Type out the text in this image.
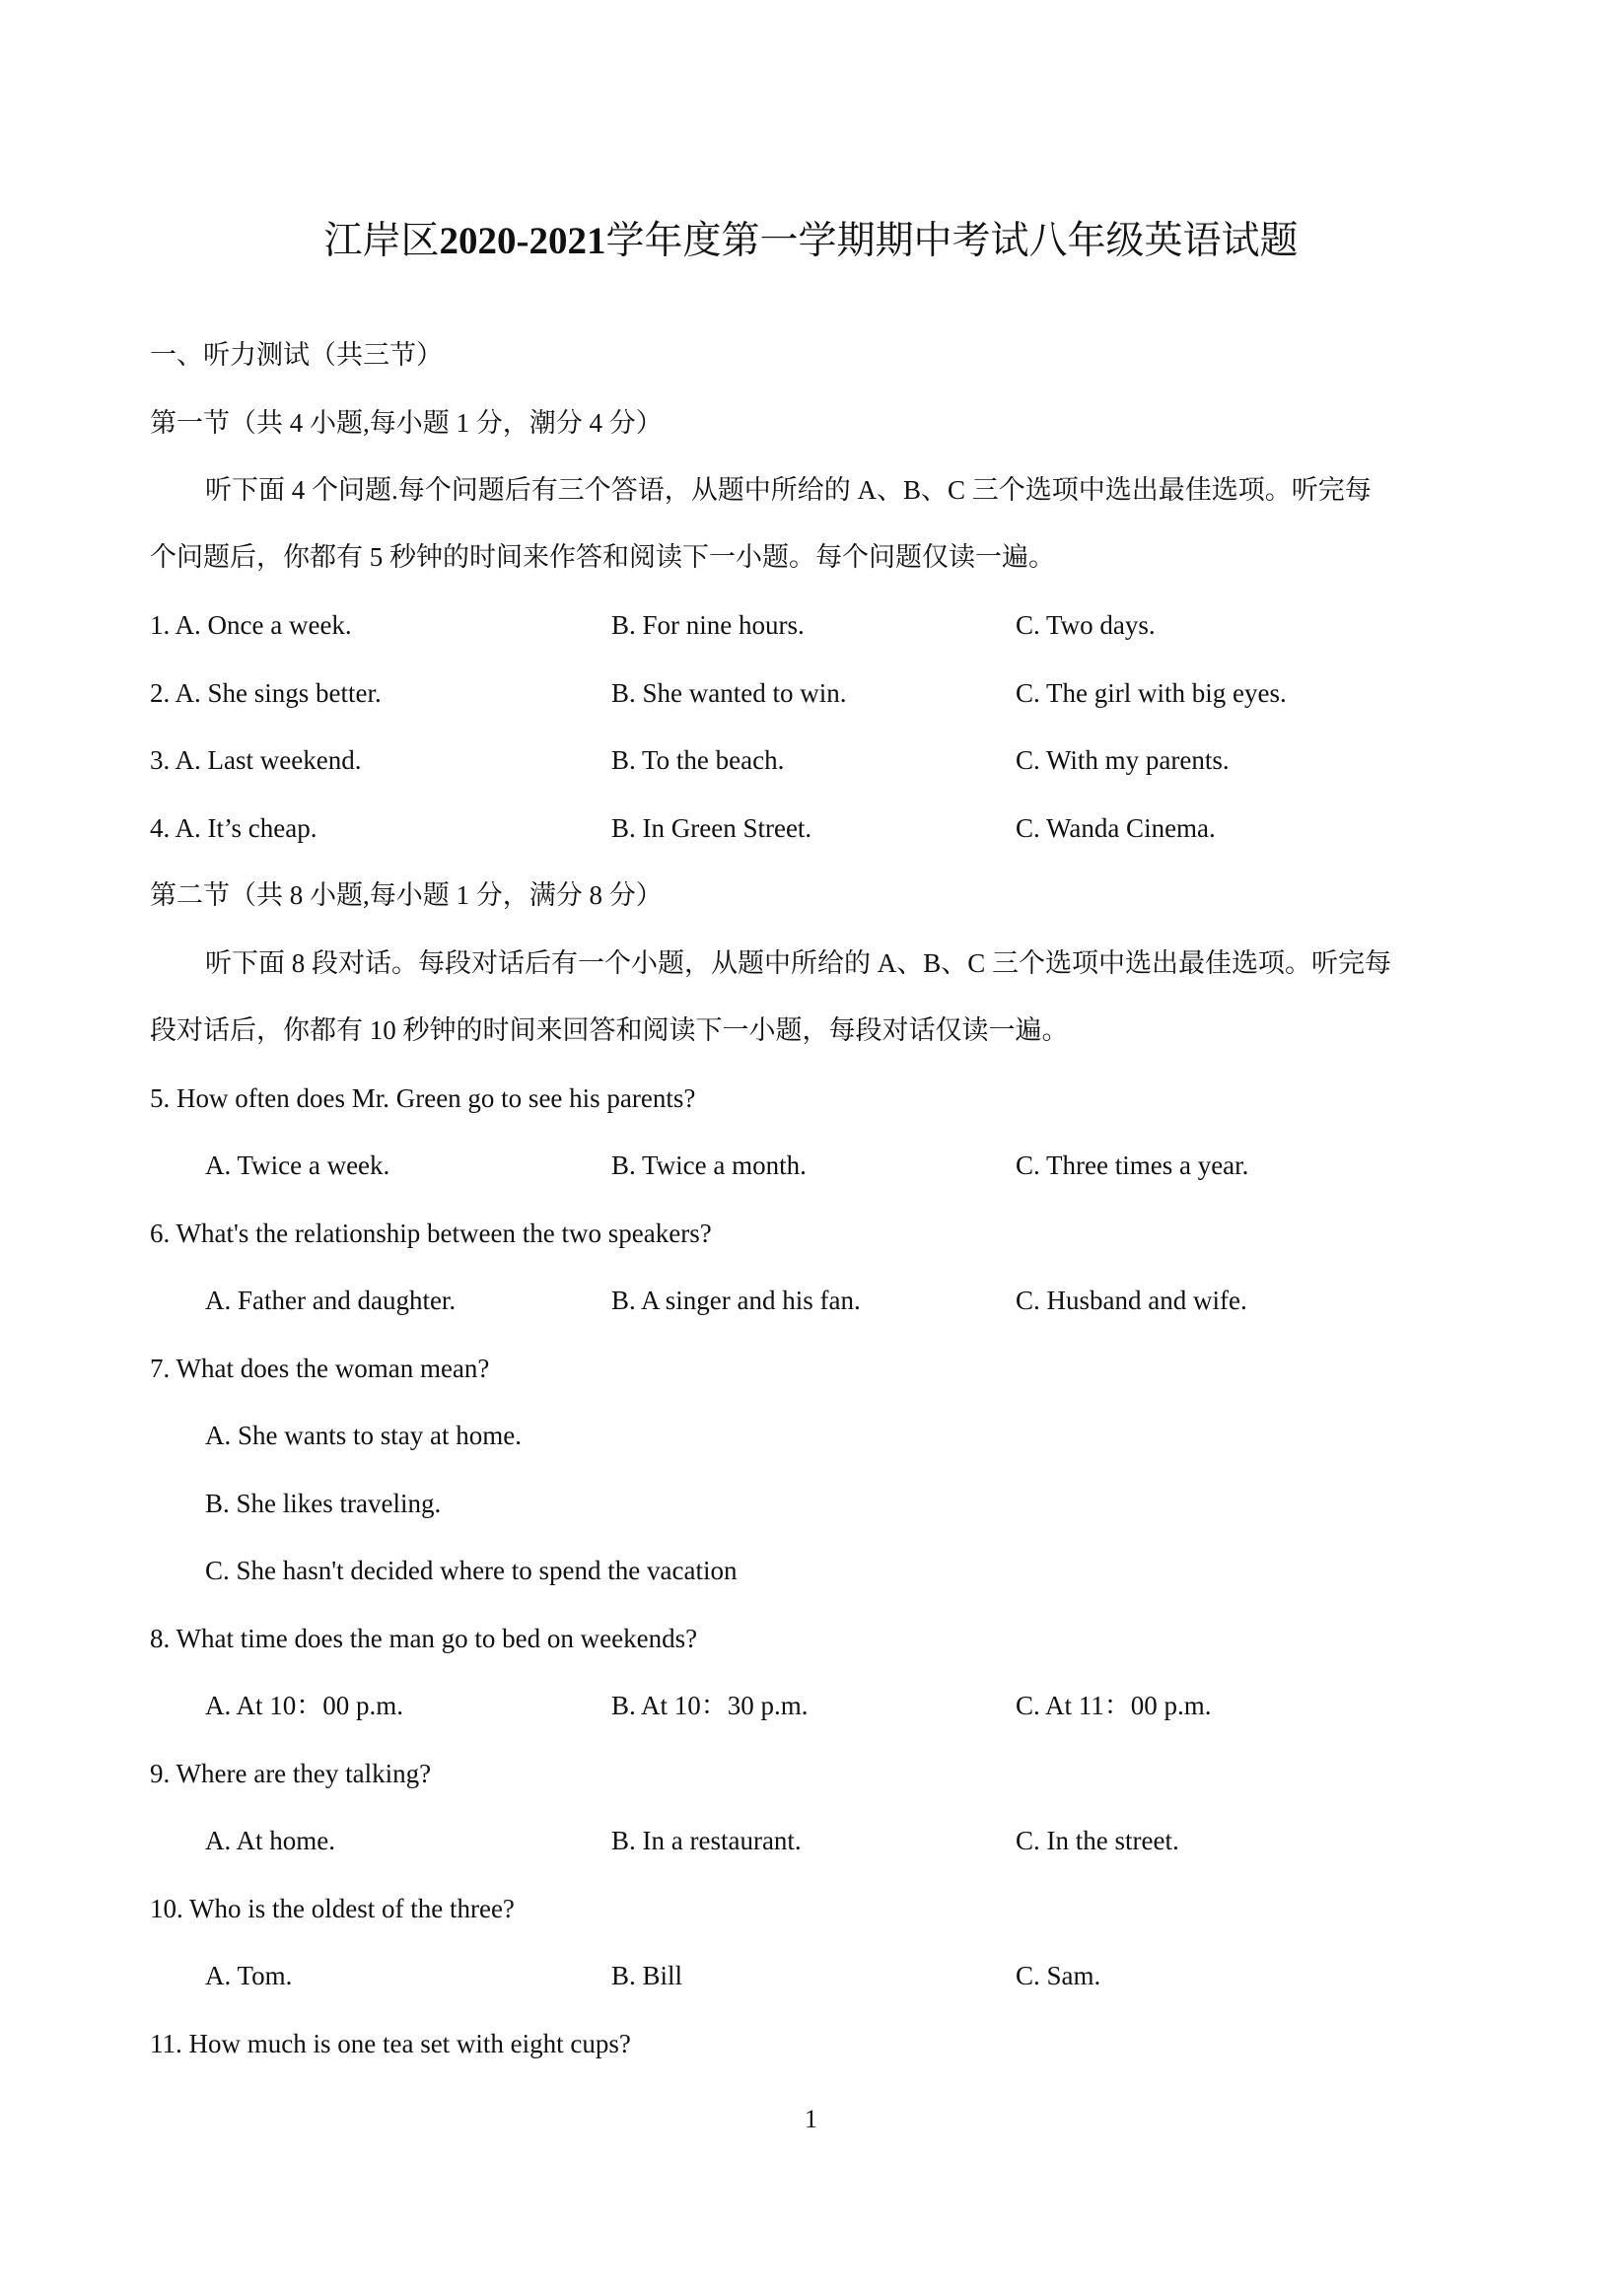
江岸区2020-2021学年度第一学期期中考试八年级英语试题
一、听力测试（共三节）
第一节（共 4 小题,每小题 1 分，潮分 4 分）
听下面 4 个问题.每个问题后有三个答语，从题中所给的 A、B、C 三个选项中选出最佳选项。听完每
个问题后，你都有 5 秒钟的时间来作答和阅读下一小题。每个问题仅读一遍。
1. A. Once a week.	B. For nine hours.	C. Two days.
2. A. She sings better.	B. She wanted to win.	C. The girl with big eyes.
3. A. Last weekend.	B. To the beach.	C. With my parents.
4. A. It’s cheap.	B. In Green Street.	C. Wanda Cinema.
第二节（共 8 小题,每小题 1 分，满分 8 分）
听下面 8 段对话。每段对话后有一个小题，从题中所给的 A、B、C 三个选项中选出最佳选项。听完每
段对话后，你都有 10 秒钟的时间来回答和阅读下一小题，每段对话仅读一遍。
5. How often does Mr. Green go to see his parents?
A. Twice a week.	B. Twice a month.	C. Three times a year.
6. What's the relationship between the two speakers?
A. Father and daughter.	B. A singer and his fan.	C. Husband and wife.
7. What does the woman mean?
A. She wants to stay at home.
B. She likes traveling.
C. She hasn't decided where to spend the vacation
8. What time does the man go to bed on weekends?
A. At 10：00 p.m.	B. At 10：30 p.m.	C. At 11：00 p.m.
9. Where are they talking?
A. At home.	B. In a restaurant.	C. In the street.
10. Who is the oldest of the three?
A. Tom.	B. Bill	C. Sam.
11. How much is one tea set with eight cups?
1
